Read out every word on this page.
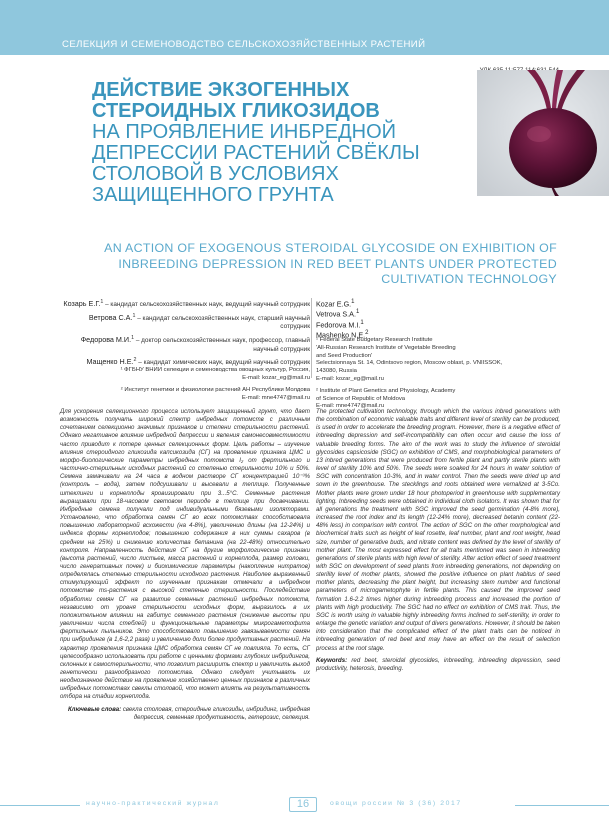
СЕЛЕКЦИЯ И СЕМЕНОВОДСТВО СЕЛЬСКОХОЗЯЙСТВЕННЫХ РАСТЕНИЙ
ДЕЙСТВИЕ ЭКЗОГЕННЫХ СТЕРОИДНЫХ ГЛИКОЗИДОВ
НА ПРОЯВЛЕНИЕ ИНБРЕДНОЙ ДЕПРЕССИИ РАСТЕНИЙ СВЁКЛЫ СТОЛОВОЙ В УСЛОВИЯХ ЗАЩИЩЕННОГО ГРУНТА
AN ACTION OF EXOGENOUS STEROIDAL GLYCOSIDE ON EXHIBITION OF INBREEDING DEPRESSION IN RED BEET PLANTS UNDER PROTECTED CULTIVATION TECHNOLOGY
Козарь Е.Г.$^1$ – кандидат сельскохозяйственных наук, ведущий научный сотрудник
Ветрова С.А.$^1$ – кандидат сельскохозяйственных наук, старший научный сотрудник
Федорова М.И.$^1$ – доктор сельскохозяйственных наук, профессор, главный научный сотрудник
Мащенко Н.Е.$^2$ – кандидат химических наук, ведущий научный сотрудник
¹ ФГБНУ ВНИИ селекции и семеноводства овощных культур, Россия,
E-mail: kozar_eg@mail.ru
² Институт генетики и физиологии растений АН Республики Молдова
E-mail: mne4747@mail.ru
Kozar E.G.$^1$
Vetrova S.A.$^1$
Fedorova M.I.$^1$
Mashenko N.E.$^2$
¹ Federal State Budgetary Research Institute
'All-Russian Research Institute of Vegetable Breeding
and Seed Production'
Selectsionnaya St. 14, Odintsovo region, Moscow oblast, p. VNIISSOK,
143080, Russia
E-mail: kozar_eg@mail.ru
² Institute of Plant Genetics and Physiology, Academy
of Science of Republic of Moldova
E-mail: mne4747@mail.ru
Для ускорения селекционного процесса использует защищенный грунт, что дает возможность получать широкий спектр инбредных потомств с различным сочетанием селекционно значимых признаков и степени стерильности растений. Однако негативное влияние инбредной депрессии и явления самонесовместимости часто приводит к потере ценных селекционных форм. Цель работы – изучение влияния стероидного гликозида капсикозида (СГ) на проявление признака ЦМС и морфо-биологические параметры инбредных потомств I₂ от фертильного и частично-стерильных исходных растений со степенью стерильности 10% и 50%. Семена замачивали на 24 часа в водном растворе СГ концентрацией 10⁻³% (контроль – вода), затем подсушивали и высевали в теплице. Полученные штеклинги и корнеплоды яровизировали при 3...5°С. Семенные растения выращивали при 18-часовом световом периоде в теплице при досвечивании. Инбредные семена получали под индивидуальными бязевыми изоляторами. Установлено, что обработка семян СГ во всех потомствах способствовала повышению лабораторной всхожести (на 4-8%), увеличению длины (на 12-24%) и индекса формы корнеплодов; повышению содержания в них суммы сахаров (в среднем на 25%) и снижению количества бетанина (на 22-48%) относительно контроля. Направленность действия СГ на другие морфологические признаки (высота растений, число листьев, масса растений и корнеплода, размер головки, число генеративных почек) и биохимические параметры (накопление нитратов) определялась степенью стерильности исходного растения. Наиболее выраженный стимулирующий эффект по изученным признакам отмечали в инбредном потомстве ms-растения с высокой степенью стерильности. Последействие обработки семян СГ на развитие семенных растений инбредных потомств, независимо от уровня стерильности исходных форм, выразилось в их положительном влиянии на габитус семенного растения (снижение высоты при увеличении числа стеблей) и функциональные параметры микрогаметофита фертильных пыльников. Это способствовало повышению завязываемости семян при инбридинге (в 1,6-2,2 раза) и увеличению доли более продуктивных растений. На характер проявления признака ЦМС обработка семян СГ не повлияла. То есть, СГ целесообразно использовать при работе с ценными формами глубоких инбридингов, склонных к самостерильности, что позволит расширить спектр и увеличить выход генетически разнообразного потомства. Однако следует учитывать их неоднозначное действие на проявление хозяйственно ценных признаков в различных инбредных потомствах свеклы столовой, что может влиять на результативность отбора на стадии корнеплода.
Ключевые слова: свекла столовая, стероидные гликозиды, инбридинг, инбредная депрессия, семенная продуктивность, гетерозис, селекция.
The protected cultivation technology, through which the various inbred generations with the combination of economic valuable traits and different level of sterility can be produced, is used in order to accelerate the breeding program. However, there is a negative effect of inbreeding depression and self-incompatibility can often occur and cause the loss of valuable breeding forms. The aim of the work was to study the influence of steroidal glycosides capsicoside (SGC) on exhibition of CMS, and morphobiological parameters of 13 inbred generations that were produced from fertile plant and partly sterile plants with level of sterility 10% and 50%. The seeds were soaked for 24 hours in water solution of SGC with concentration 10-3%, and in water control. Then the seeds were dried up and sown in the greenhouse. The stecklings and roots obtained were vernalized at 3-5Co. Mother plants were grown under 18 hour photoperiod in greenhouse with supplementary lighting. Inbreeding seeds were obtained in individual cloth isolators. It was shown that for all generations the treatment with SGC improved the seed germination (4-8% more), increased the root index and its length (12-24% more), decreased betanin content (22-48% less) in comparison with control. The action of SGC on the other morphological and biochemical traits such as height of leaf rosette, leaf number, plant and root weight, head size, number of generative buds, and nitrate content was defined by the level of sterility of mother plant. The most expressed effect for all traits mentioned was seen in inbreeding generations of sterile plants with high level of sterility. After action effect of seed treatment with SGC on development of seed plants from inbreeding generations, not depending on sterility level of mother plants, showed the positive influence on plant habitus of seed mother plants, decreasing the plant height, but increasing stem number and functional parameters of microgametophyte in fertile plants. This caused the improved seed formation 1.6-2.2 times higher during inbreeding process and increased the portion of plants with high productivity. The SGC had no effect on exhibition of CMS trait. Thus, the SGC is worth using in valuable highly inbreeding forms inclined to self-sterility, in order to enlarge the genetic variation and output of divers generations. However, it should be taken into consideration that the complicated effect of the plant traits can be noticed in inbreeding generation of red beet and may have an effect on the result of selection process at the root stage.
Keywords: red beet, steroidal glycosides, inbreeding, inbreeding depression, seed productivity, heterosis, breeding.
научно-практический журнал	16	овощи россии № 3 (36) 2017
